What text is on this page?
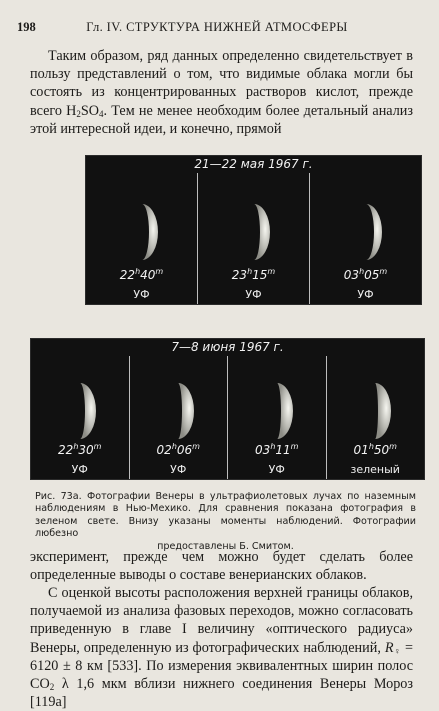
198	Гл. IV. СТРУКТУРА НИЖНЕЙ АТМОСФЕРЫ
Таким образом, ряд данных определенно свидетельствует в пользу представлений о том, что видимые облака могли бы состоять из концентрированных растворов кислот, прежде всего $H_2SO_4$. Тем не менее необходим более детальный анализ этой интересной идеи, и конечно, прямой
21—22 мая 1967 г.
22$^h$40$^m$
УФ
23$^h$15$^m$
УФ
03$^h$05$^m$
УФ
7—8 июня 1967 г.
22$^h$30$^m$
УФ
02$^h$06$^m$
УФ
03$^h$11$^m$
УФ
01$^h$50$^m$
зеленый
Рис. 73а. Фотографии Венеры в ультрафиолетовых лучах по наземным наблюдениям в Нью-Мехико. Для сравнения показана фотография в зеленом свете. Внизу указаны моменты наблюдений. Фотографии любезно
предоставлены Б. Смитом.
эксперимент, прежде чем можно будет сделать более определенные выводы о составе венерианских облаков.
С оценкой высоты расположения верхней границы облаков, получаемой из анализа фазовых переходов, можно согласовать приведенную в главе I величину «оптического радиуса» Венеры, определенную из фотографических наблюдений, $R_♀ = 6120 \pm 8$ км [533]. По измерения эквивалентных ширин полос $CO_2$ λ 1,6 мкм вблизи нижнего соединения Венеры Мороз [119а]
